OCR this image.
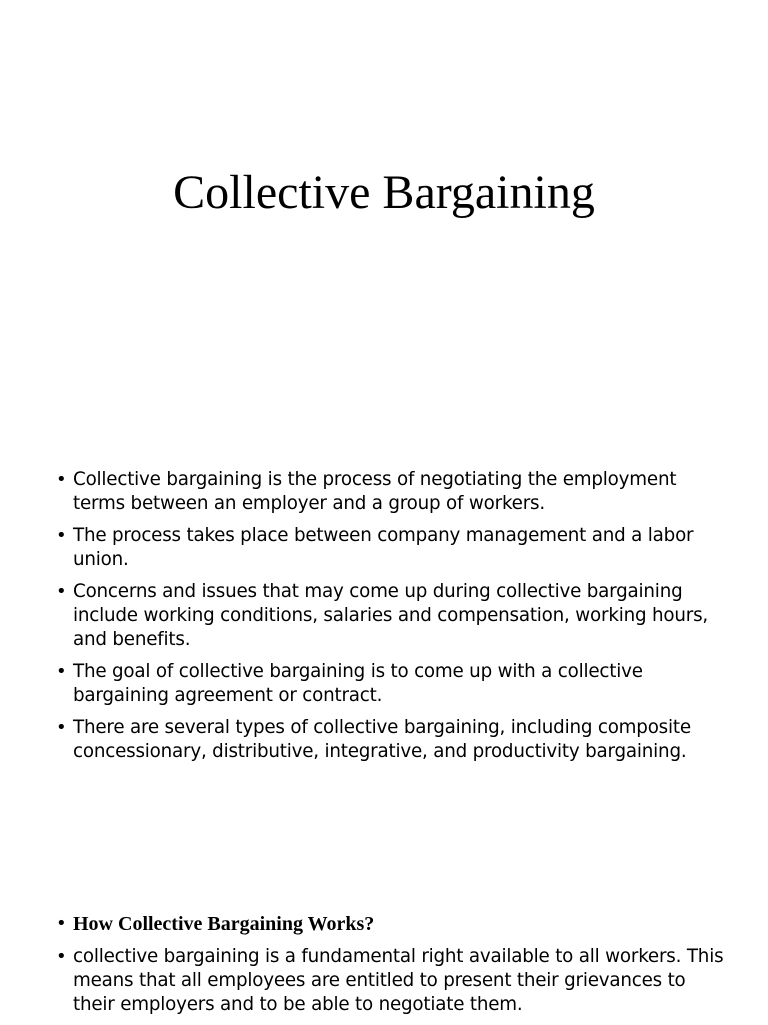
Collective Bargaining
• Collective bargaining is the process of negotiating the employment terms between an employer and a group of workers.
• The process takes place between company management and a labor union.
• Concerns and issues that may come up during collective bargaining include working conditions, salaries and compensation, working hours, and benefits.
• The goal of collective bargaining is to come up with a collective bargaining agreement or contract.
• There are several types of collective bargaining, including composite concessionary, distributive, integrative, and productivity bargaining.
• How Collective Bargaining Works?
• collective bargaining is a fundamental right available to all workers. This means that all employees are entitled to present their grievances to their employers and to be able to negotiate them.
